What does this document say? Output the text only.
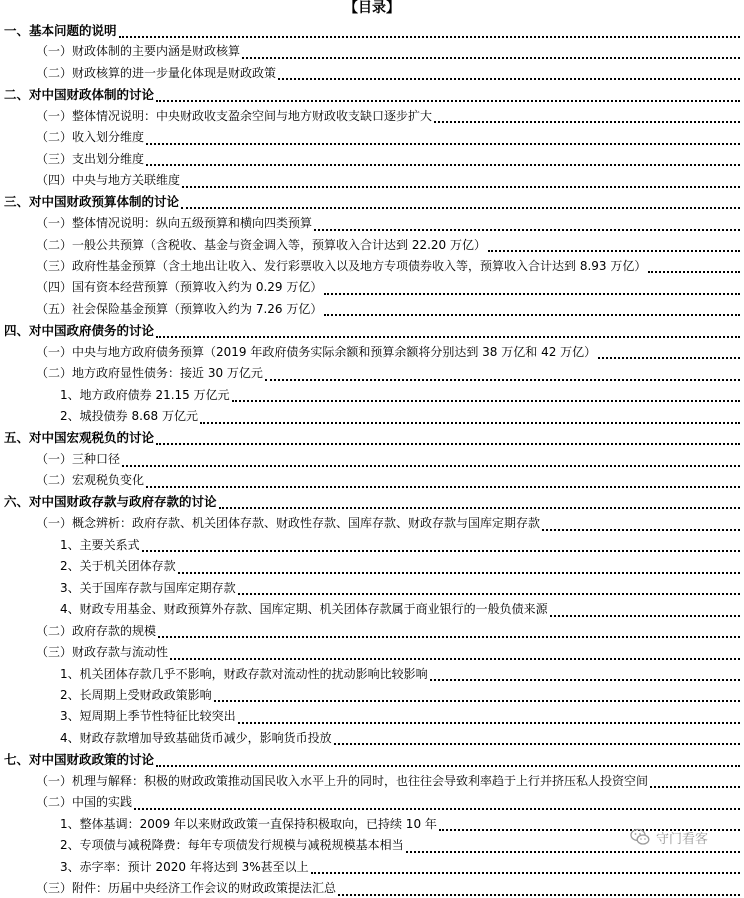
【目录】
一、基本问题的说明
（一）财政体制的主要内涵是财政核算
（二）财政核算的进一步量化体现是财政政策
二、对中国财政体制的讨论
（一）整体情况说明：中央财政收支盈余空间与地方财政收支缺口逐步扩大
（二）收入划分维度
（三）支出划分维度
（四）中央与地方关联维度
三、对中国财政预算体制的讨论
（一）整体情况说明：纵向五级预算和横向四类预算
（二）一般公共预算（含税收、基金与资金调入等，预算收入合计达到 22.20 万亿）
（三）政府性基金预算（含土地出让收入、发行彩票收入以及地方专项债券收入等，预算收入合计达到 8.93 万亿）
（四）国有资本经营预算（预算收入约为 0.29 万亿）
（五）社会保险基金预算（预算收入约为 7.26 万亿）
四、对中国政府债务的讨论
（一）中央与地方政府债务预算（2019 年政府债务实际余额和预算余额将分别达到 38 万亿和 42 万亿）
（二）地方政府显性债务：接近 30 万亿元
1、地方政府债券 21.15 万亿元
2、城投债券 8.68 万亿元
五、对中国宏观税负的讨论
（一）三种口径
（二）宏观税负变化
六、对中国财政存款与政府存款的讨论
（一）概念辨析：政府存款、机关团体存款、财政性存款、国库存款、财政存款与国库定期存款
1、主要关系式
2、关于机关团体存款
3、关于国库存款与国库定期存款
4、财政专用基金、财政预算外存款、国库定期、机关团体存款属于商业银行的一般负债来源
（二）政府存款的规模
（三）财政存款与流动性
1、机关团体存款几乎不影响，财政存款对流动性的扰动影响比较影响
2、长周期上受财政政策影响
3、短周期上季节性特征比较突出
4、财政存款增加导致基础货币减少，影响货币投放
七、对中国财政政策的讨论
（一）机理与解释：积极的财政政策推动国民收入水平上升的同时，也往往会导致利率趋于上行并挤压私人投资空间
（二）中国的实践
1、整体基调：2009 年以来财政政策一直保持积极取向，已持续 10 年
2、专项债与减税降费：每年专项债发行规模与减税规模基本相当
3、赤字率：预计 2020 年将达到 3%甚至以上
（三）附件：历届中央经济工作会议的财政政策提法汇总
守门看客
